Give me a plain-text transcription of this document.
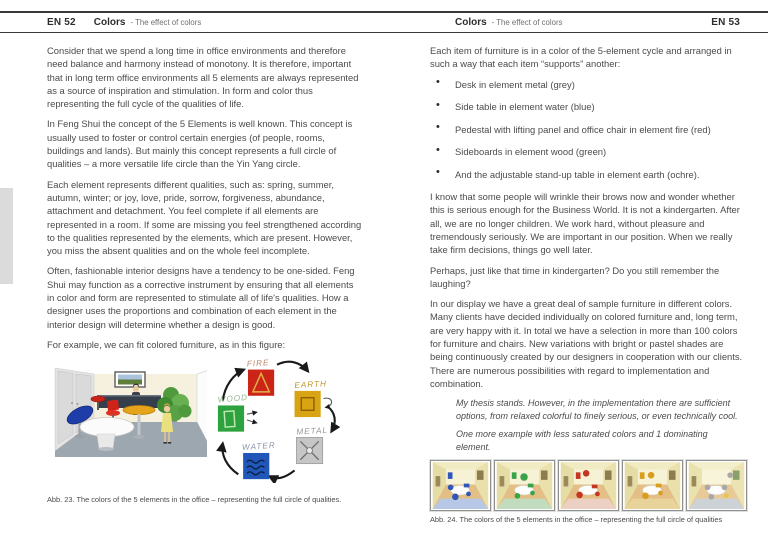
EN 52 Colors - The effect of colors	Colors - The effect of colors	EN 53

Consider that we spend a long time in office environments and therefore need balance and harmony instead of monotony. It is therefore, important that in long term office environments all 5 elements are always represented as a source of inspiration and stimulation. In form and color thus representing the full cycle of the qualities of life.

In Feng Shui the concept of the 5 Elements is well known. This concept is usually used to foster or control certain energies (of people, rooms, buildings and lands). But mainly this concept represents a full circle of qualities – a more versatile life circle than the Yin Yang circle.

Each element represents different qualities, such as: spring, summer, autumn, winter; or joy, love, pride, sorrow, forgiveness, abundance, attachment and detachment. You feel complete if all elements are represented in a room. If some are missing you feel strengthened according to the qualities represented by the elements, which are present. However, you miss the absent qualities and on the whole feel incomplete.

Often, fashionable interior designs have a tendency to be one-sided. Feng Shui may function as a corrective instrument by ensuring that all elements in color and form are represented to stimulate all of life's qualities. How a designer uses the proportions and combination of each element in the interior design will determine whether a design is good.

For example, we can fit colored furniture, as in this figure:

FIRE
EARTH
METAL
WATER
WOOD

Abb. 23. The colors of the 5 elements in the office – representing the full circle of qualities.

Each item of furniture is in a color of the 5-element cycle and arranged in such a way that each item “supports” another:

• Desk in element metal (grey)
• Side table in element water (blue)
• Pedestal with lifting panel and office chair in element fire (red)
• Sideboards in element wood (green)
• And the adjustable stand-up table in element earth (ochre).

I know that some people will wrinkle their brows now and wonder whether this is serious enough for the Business World. It is not a kindergarten. After all, we are no longer children. We work hard, without pleasure and tremendously seriously. We are important in our position. When we really take firm decisions, things go well later.

Perhaps, just like that time in kindergarten? Do you still remember the laughing?

In our display we have a great deal of sample furniture in different colors. Many clients have decided individually on colored furniture and, long term, are very happy with it. In total we have a selection in more than 100 colors for furniture and chairs. New variations with bright or pastel shades are being continuously created by our designers in cooperation with our clients. There are numerous possibilities with regard to implementation and combination.

My thesis stands. However, in the implementation there are sufficient options, from relaxed colorful to finely serious, or even technically cool.

One more example with less saturated colors and 1 dominating element.

Abb. 24. The colors of the 5 elements in the office – representing the full circle of qualities
